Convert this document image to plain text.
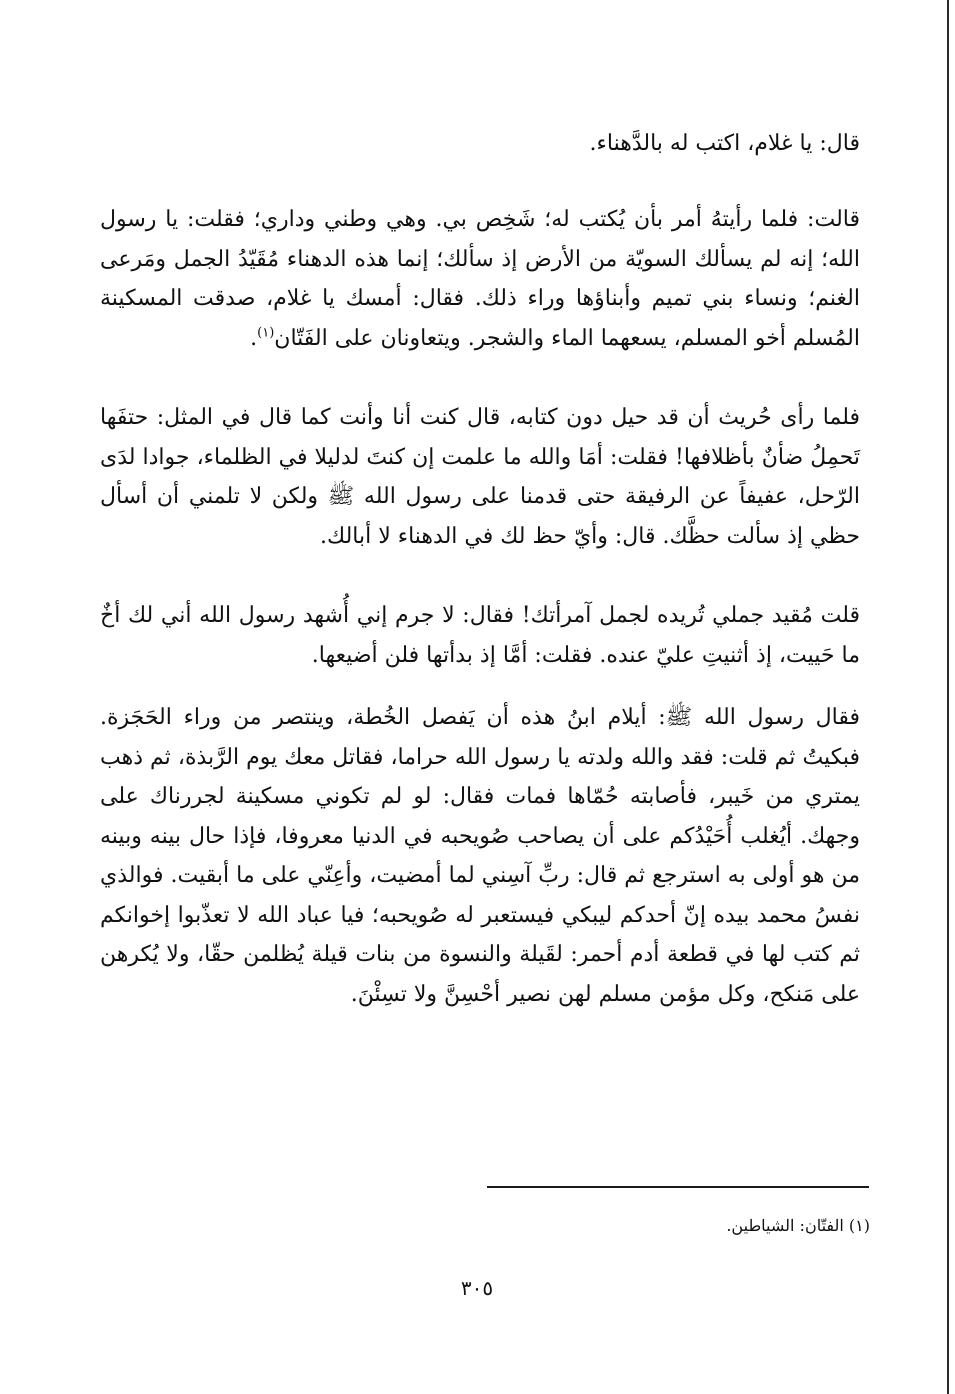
قال: يا غلام، اكتب له بالدَّهناء.

قالت: فلما رأيتهُ أمر بأن يُكتب له؛ شَخِص بي. وهي وطني وداري؛ فقلت: يا رسول الله؛ إنه لم يسألك السويّة من الأرض إذ سألك؛ إنما هذه الدهناء مُقَيّدُ الجمل ومَرعى الغنم؛ ونساء بني تميم وأبناؤها وراء ذلك. فقال: أمسك يا غلام، صدقت المسكينة المُسلم أخو المسلم، يسعهما الماء والشجر. ويتعاونان على الفَتّان$^{(١)}$.

فلما رأى حُريث أن قد حيل دون كتابه، قال كنت أنا وأنت كما قال في المثل: حتفَها تَحمِلُ ضأنٌ بأظلافها! فقلت: أمَا والله ما علمت إن كنتَ لدليلا في الظلماء، جوادا لدَى الرّحل، عفيفاً عن الرفيقة حتى قدمنا على رسول الله ﷺ ولكن لا تلمني أن أسأل حظي إذ سألت حظَّك. قال: وأيّ حظ لك في الدهناء لا أبالك.

قلت مُقيد جملي تُريده لجمل آمرأتك! فقال: لا جرم إني أُشهد رسول الله أني لك أخٌ ما حَييت، إذ أثنيتِ عليّ عنده. فقلت: أمَّا إذ بدأتها فلن أضيعها.

فقال رسول الله ﷺ: أيلام ابنُ هذه أن يَفصل الخُطة، وينتصر من وراء الحَجَزة. فبكيتُ ثم قلت: فقد والله ولدته يا رسول الله حراما، فقاتل معك يوم الرَّبذة، ثم ذهب يمتري من خَيبر، فأصابته حُمّاها فمات فقال: لو لم تكوني مسكينة لجررناك على وجهك. أيُغلب أُحَيْدُكم على أن يصاحب صُويحبه في الدنيا معروفا، فإذا حال بينه وبينه من هو أولى به استرجع ثم قال: ربِّ آسِني لما أمضيت، وأعِنّي على ما أبقيت. فوالذي نفسُ محمد بيده إنّ أحدكم ليبكي فيستعبر له صُويحبه؛ فيا عباد الله لا تعذّبوا إخوانكم ثم كتب لها في قطعة أدم أحمر: لقَيلة والنسوة من بنات قيلة يُظلمن حقّا، ولا يُكرهن على مَنكح، وكل مؤمن مسلم لهن نصير أحْسِنَّ ولا تسِئْنَ.

(١) الفتّان: الشياطين.
٣٠٥
